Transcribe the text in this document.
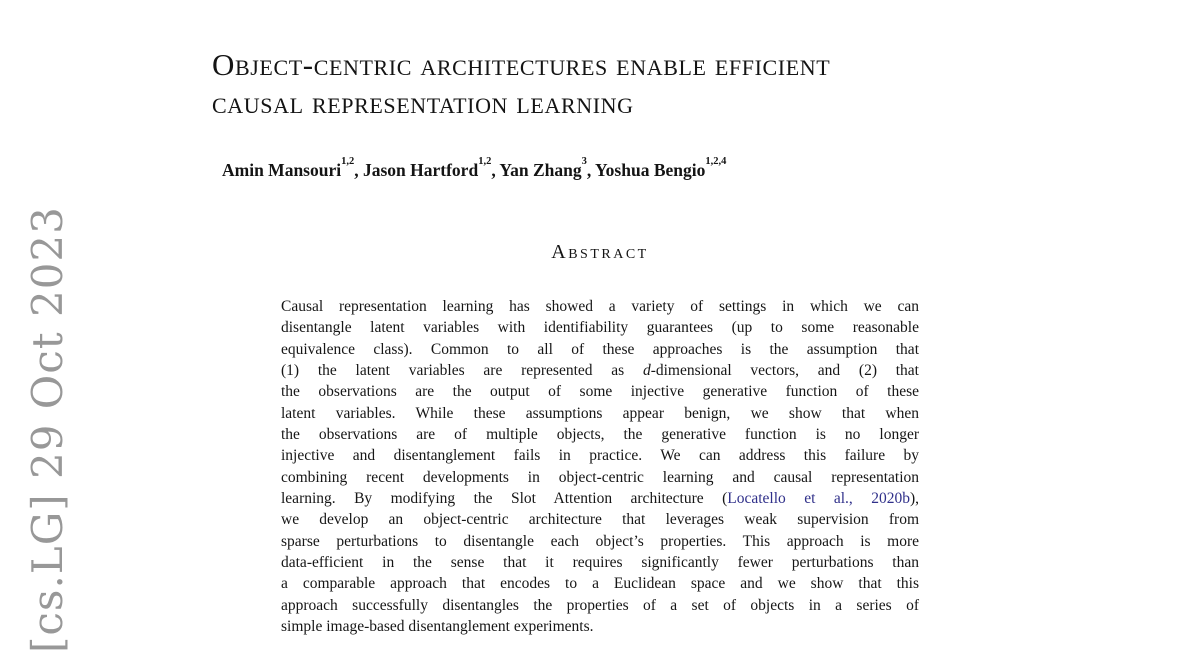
[cs.LG] 29 Oct 2023
Object-centric architectures enable efficient
causal representation learning
Amin Mansouri$^{1,2}$, Jason Hartford$^{1,2}$, Yan Zhang$^3$, Yoshua Bengio$^{1,2,4}$
Abstract
Causal representation learning has showed a variety of settings in which we can
disentangle latent variables with identifiability guarantees (up to some reasonable
equivalence class). Common to all of these approaches is the assumption that
(1) the latent variables are represented as d-dimensional vectors, and (2) that
the observations are the output of some injective generative function of these
latent variables. While these assumptions appear benign, we show that when
the observations are of multiple objects, the generative function is no longer
injective and disentanglement fails in practice. We can address this failure by
combining recent developments in object-centric learning and causal representation
learning. By modifying the Slot Attention architecture (Locatello et al., 2020b),
we develop an object-centric architecture that leverages weak supervision from
sparse perturbations to disentangle each object’s properties. This approach is more
data-efficient in the sense that it requires significantly fewer perturbations than
a comparable approach that encodes to a Euclidean space and we show that this
approach successfully disentangles the properties of a set of objects in a series of
simple image-based disentanglement experiments.
